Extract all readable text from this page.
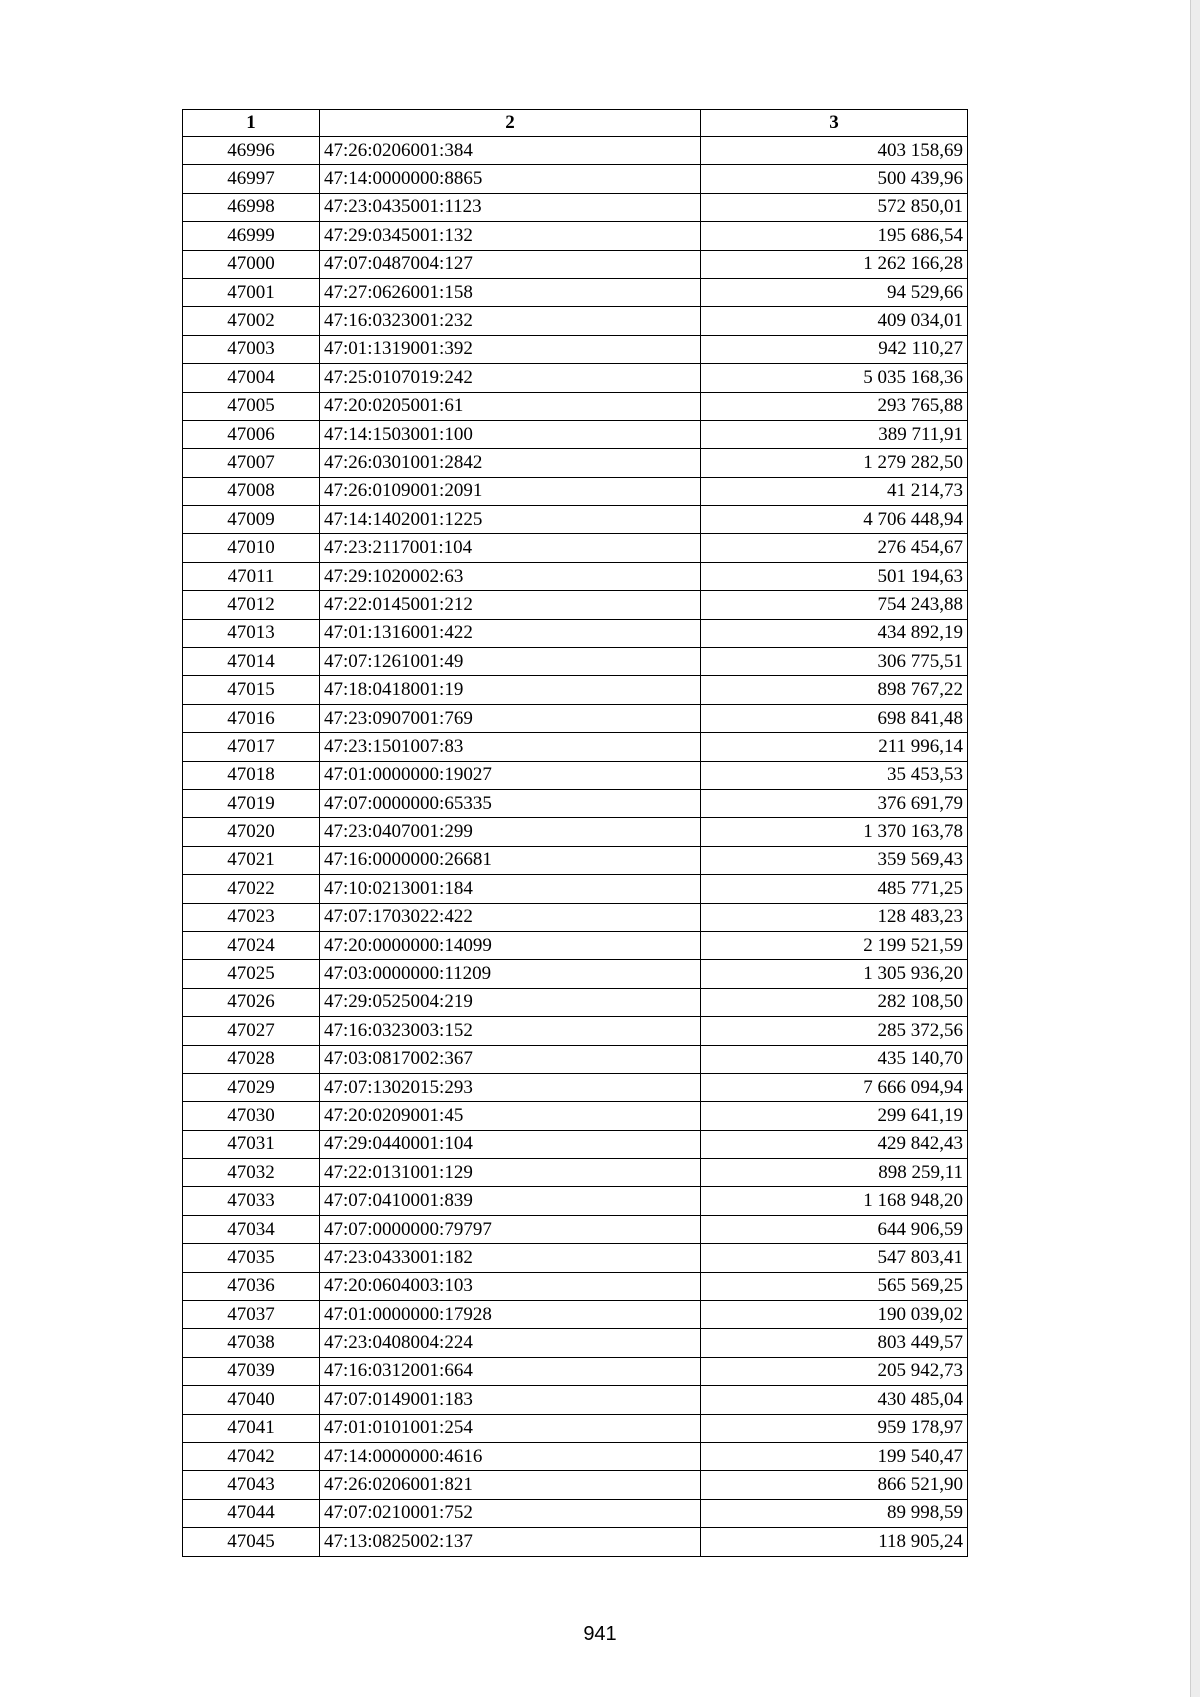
1	2	3
46996	47:26:0206001:384	403 158,69
46997	47:14:0000000:8865	500 439,96
46998	47:23:0435001:1123	572 850,01
46999	47:29:0345001:132	195 686,54
47000	47:07:0487004:127	1 262 166,28
47001	47:27:0626001:158	94 529,66
47002	47:16:0323001:232	409 034,01
47003	47:01:1319001:392	942 110,27
47004	47:25:0107019:242	5 035 168,36
47005	47:20:0205001:61	293 765,88
47006	47:14:1503001:100	389 711,91
47007	47:26:0301001:2842	1 279 282,50
47008	47:26:0109001:2091	41 214,73
47009	47:14:1402001:1225	4 706 448,94
47010	47:23:2117001:104	276 454,67
47011	47:29:1020002:63	501 194,63
47012	47:22:0145001:212	754 243,88
47013	47:01:1316001:422	434 892,19
47014	47:07:1261001:49	306 775,51
47015	47:18:0418001:19	898 767,22
47016	47:23:0907001:769	698 841,48
47017	47:23:1501007:83	211 996,14
47018	47:01:0000000:19027	35 453,53
47019	47:07:0000000:65335	376 691,79
47020	47:23:0407001:299	1 370 163,78
47021	47:16:0000000:26681	359 569,43
47022	47:10:0213001:184	485 771,25
47023	47:07:1703022:422	128 483,23
47024	47:20:0000000:14099	2 199 521,59
47025	47:03:0000000:11209	1 305 936,20
47026	47:29:0525004:219	282 108,50
47027	47:16:0323003:152	285 372,56
47028	47:03:0817002:367	435 140,70
47029	47:07:1302015:293	7 666 094,94
47030	47:20:0209001:45	299 641,19
47031	47:29:0440001:104	429 842,43
47032	47:22:0131001:129	898 259,11
47033	47:07:0410001:839	1 168 948,20
47034	47:07:0000000:79797	644 906,59
47035	47:23:0433001:182	547 803,41
47036	47:20:0604003:103	565 569,25
47037	47:01:0000000:17928	190 039,02
47038	47:23:0408004:224	803 449,57
47039	47:16:0312001:664	205 942,73
47040	47:07:0149001:183	430 485,04
47041	47:01:0101001:254	959 178,97
47042	47:14:0000000:4616	199 540,47
47043	47:26:0206001:821	866 521,90
47044	47:07:0210001:752	89 998,59
47045	47:13:0825002:137	118 905,24
941
